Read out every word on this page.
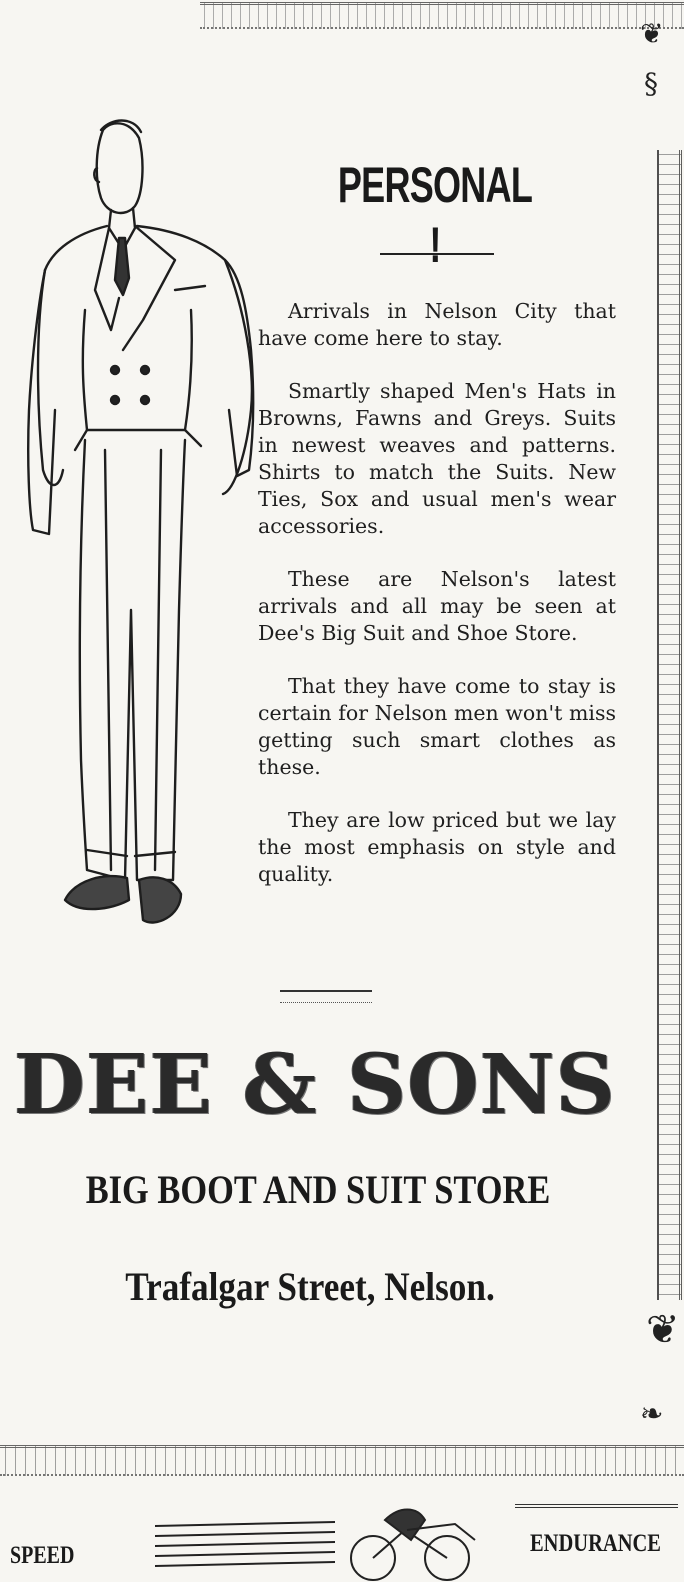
❦
§
❦
❧
PERSONAL !

Arrivals in Nelson City that have come here to stay.

Smartly shaped Men's Hats in Browns, Fawns and Greys. Suits in newest weaves and patterns. Shirts to match the Suits. New Ties, Sox and usual men's wear accessories.

These are Nelson's latest arrivals and all may be seen at Dee's Big Suit and Shoe Store.

That they have come to stay is certain for Nelson men won't miss getting such smart clothes as these.

They are low priced but we lay the most emphasis on style and quality.

DEE & SONS
BIG BOOT AND SUIT STORE
Trafalgar Street, Nelson.
SPEED	ENDURANCE
